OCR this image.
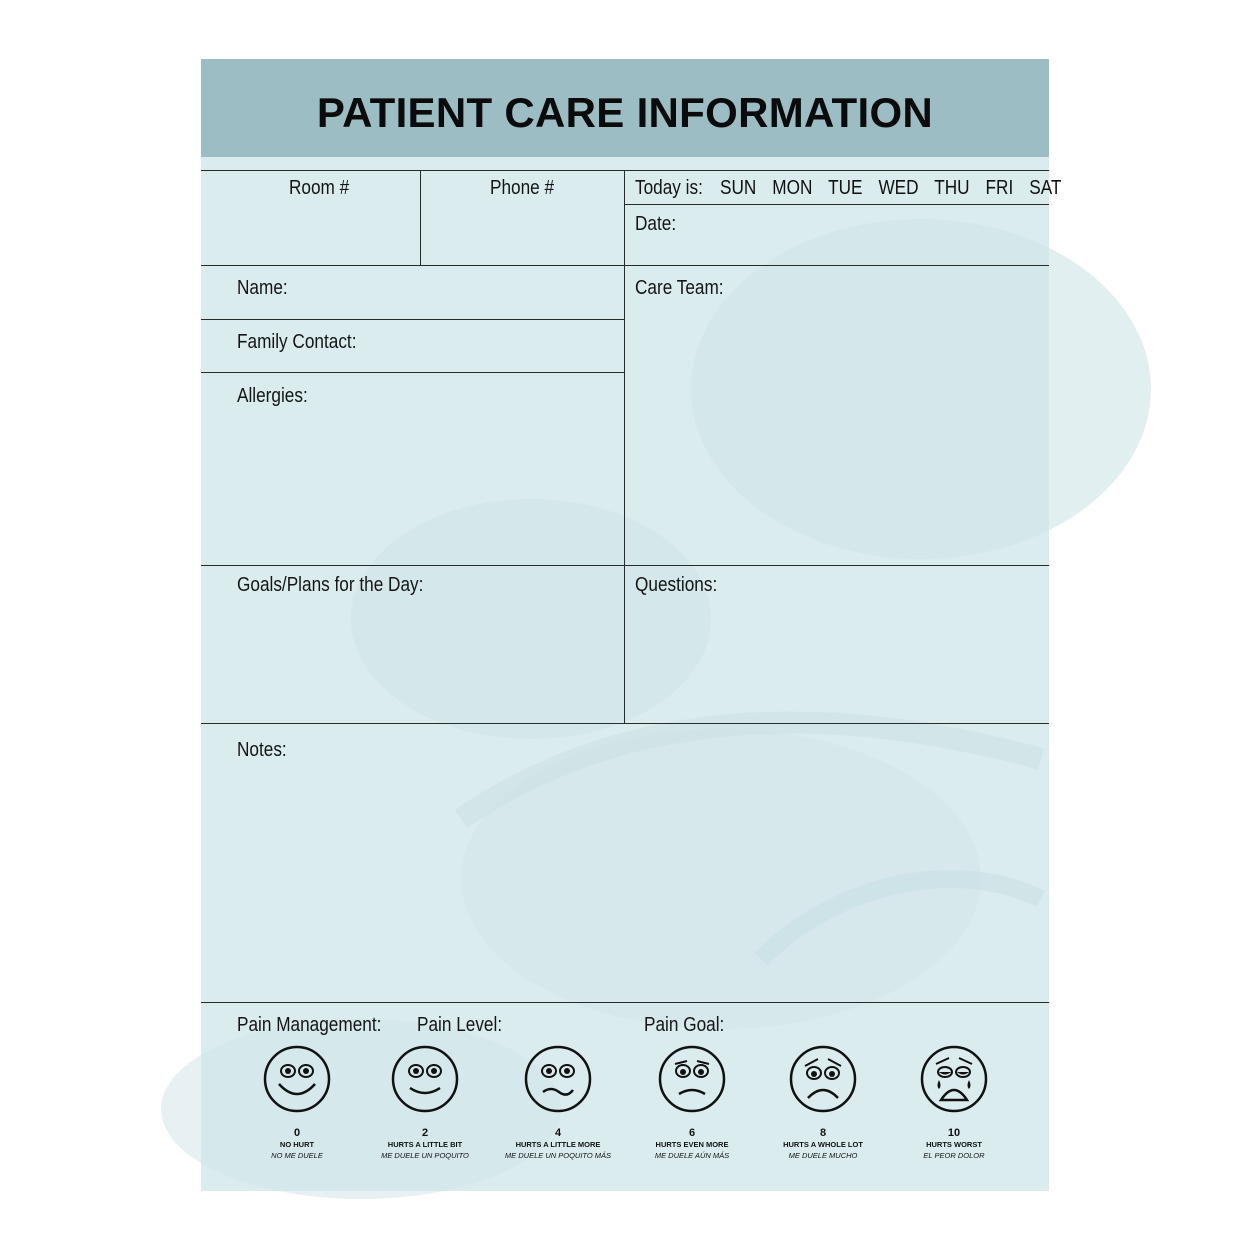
PATIENT CARE INFORMATION
Room #	Phone #	Today is: SUN MON TUE WED THU FRI SAT
Date:
Name:	Care Team:
Family Contact:
Allergies:
Goals/Plans for the Day:	Questions:
Notes:
Pain Management: Pain Level:	Pain Goal:
0
NO HURT
NO ME DUELE
2
HURTS A LITTLE BIT
ME DUELE UN POQUITO
4
HURTS A LITTLE MORE
ME DUELE UN POQUITO MÁS
6
HURTS EVEN MORE
ME DUELE AÚN MÁS
8
HURTS A WHOLE LOT
ME DUELE MUCHO
10
HURTS WORST
EL PEOR DOLOR
